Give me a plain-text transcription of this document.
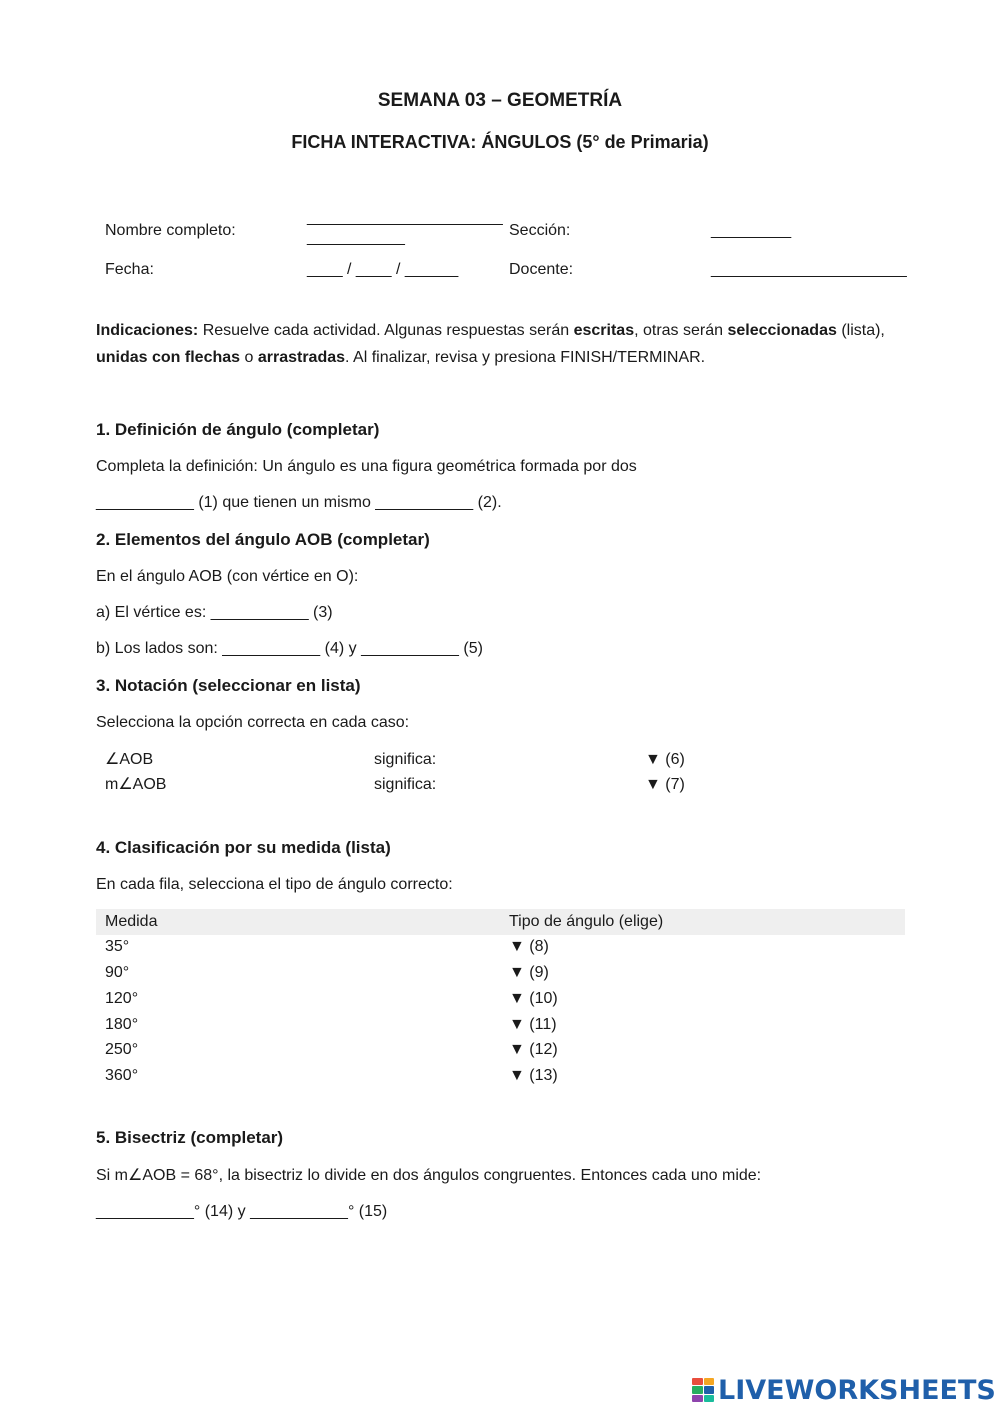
SEMANA 03 – GEOMETRÍA
FICHA INTERACTIVA: ÁNGULOS (5° de Primaria)
Nombre completo:
______________________
___________	Sección:	_________
Fecha:	____ / ____ / ______	Docente:	______________________
Indicaciones: Resuelve cada actividad. Algunas respuestas serán escritas, otras serán seleccionadas (lista), unidas con flechas o arrastradas. Al finalizar, revisa y presiona FINISH/TERMINAR.
1. Definición de ángulo (completar)
Completa la definición: Un ángulo es una figura geométrica formada por dos
___________ (1) que tienen un mismo ___________ (2).
2. Elementos del ángulo AOB (completar)
En el ángulo AOB (con vértice en O):
a) El vértice es: ___________ (3)
b) Los lados son: ___________ (4) y ___________ (5)
3. Notación (seleccionar en lista)
Selecciona la opción correcta en cada caso:
∠AOB	significa:	▼ (6)
m∠AOB	significa:	▼ (7)
4. Clasificación por su medida (lista)
En cada fila, selecciona el tipo de ángulo correcto:
Medida	Tipo de ángulo (elige)
35°	▼ (8)
90°	▼ (9)
120°	▼ (10)
180°	▼ (11)
250°	▼ (12)
360°	▼ (13)
5. Bisectriz (completar)
Si m∠AOB = 68°, la bisectriz lo divide en dos ángulos congruentes. Entonces cada uno mide:
___________° (14) y ___________° (15)
LIVEWORKSHEETS
